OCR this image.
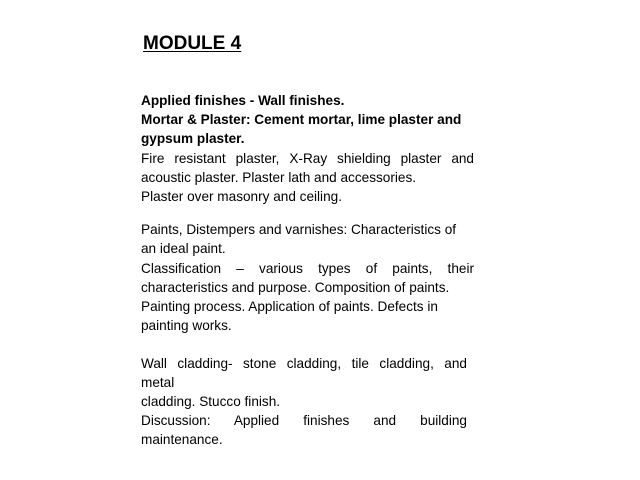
MODULE 4
Applied finishes - Wall finishes.
Mortar & Plaster: Cement mortar, lime plaster and
gypsum plaster.
Fire resistant plaster, X-Ray shielding plaster and
acoustic plaster. Plaster lath and accessories.
Plaster over masonry and ceiling.
Paints, Distempers and varnishes: Characteristics of
an ideal paint.
Classification – various types of paints, their
characteristics and purpose. Composition of paints.
Painting process. Application of paints. Defects in
painting works.
Wall cladding- stone cladding, tile cladding, and
metal
cladding. Stucco finish.
Discussion: Applied finishes and building
maintenance.
